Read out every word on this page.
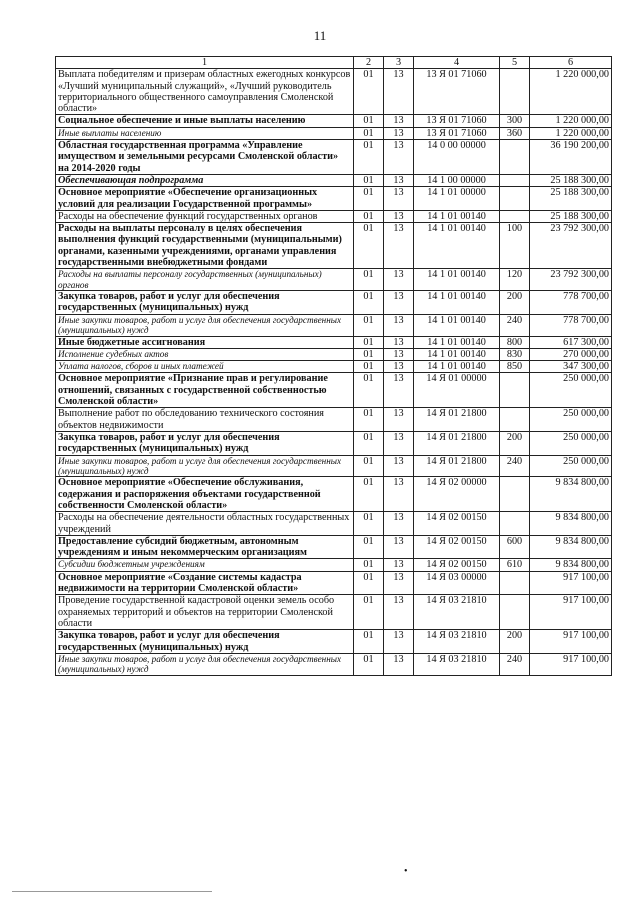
11
1	2	3	4	5	6
Выплата победителям и призерам областных ежегодных конкурсов «Лучший муниципальный служащий», «Лучший руководитель территориального общественного самоуправления Смоленской области»	01	13	13 Я 01 71060		1 220 000,00
Социальное обеспечение и иные выплаты населению	01	13	13 Я 01 71060	300	1 220 000,00
Иные выплаты населению	01	13	13 Я 01 71060	360	1 220 000,00
Областная государственная программа «Управление имуществом и земельными ресурсами Смоленской области» на 2014-2020 годы	01	13	14 0 00 00000		36 190 200,00
Обеспечивающая подпрограмма	01	13	14 1 00 00000		25 188 300,00
Основное мероприятие «Обеспечение организационных условий для реализации Государственной программы»	01	13	14 1 01 00000		25 188 300,00
Расходы на обеспечение функций государственных органов	01	13	14 1 01 00140		25 188 300,00
Расходы на выплаты персоналу в целях обеспечения выполнения функций государственными (муниципальными) органами, казенными учреждениями, органами управления государственными внебюджетными фондами	01	13	14 1 01 00140	100	23 792 300,00
Расходы на выплаты персоналу государственных (муниципальных) органов	01	13	14 1 01 00140	120	23 792 300,00
Закупка товаров, работ и услуг для обеспечения государственных (муниципальных) нужд	01	13	14 1 01 00140	200	778 700,00
Иные закупки товаров, работ и услуг для обеспечения государственных (муниципальных) нужд	01	13	14 1 01 00140	240	778 700,00
Иные бюджетные ассигнования	01	13	14 1 01 00140	800	617 300,00
Исполнение судебных актов	01	13	14 1 01 00140	830	270 000,00
Уплата налогов, сборов и иных платежей	01	13	14 1 01 00140	850	347 300,00
Основное мероприятие «Признание прав и регулирование отношений, связанных с государственной собственностью Смоленской области»	01	13	14 Я 01 00000		250 000,00
Выполнение работ по обследованию технического состояния объектов недвижимости	01	13	14 Я 01 21800		250 000,00
Закупка товаров, работ и услуг для обеспечения государственных (муниципальных) нужд	01	13	14 Я 01 21800	200	250 000,00
Иные закупки товаров, работ и услуг для обеспечения государственных (муниципальных) нужд	01	13	14 Я 01 21800	240	250 000,00
Основное мероприятие «Обеспечение обслуживания, содержания и распоряжения объектами государственной собственности Смоленской области»	01	13	14 Я 02 00000		9 834 800,00
Расходы на обеспечение деятельности областных государственных учреждений	01	13	14 Я 02 00150		9 834 800,00
Предоставление субсидий бюджетным, автономным учреждениям и иным некоммерческим организациям	01	13	14 Я 02 00150	600	9 834 800,00
Субсидии бюджетным учреждениям	01	13	14 Я 02 00150	610	9 834 800,00
Основное мероприятие «Создание системы кадастра недвижимости на территории Смоленской области»	01	13	14 Я 03 00000		917 100,00
Проведение государственной кадастровой оценки земель особо охраняемых территорий и объектов на территории Смоленской области	01	13	14 Я 03 21810		917 100,00
Закупка товаров, работ и услуг для обеспечения государственных (муниципальных) нужд	01	13	14 Я 03 21810	200	917 100,00
Иные закупки товаров, работ и услуг для обеспечения государственных (муниципальных) нужд	01	13	14 Я 03 21810	240	917 100,00
•
